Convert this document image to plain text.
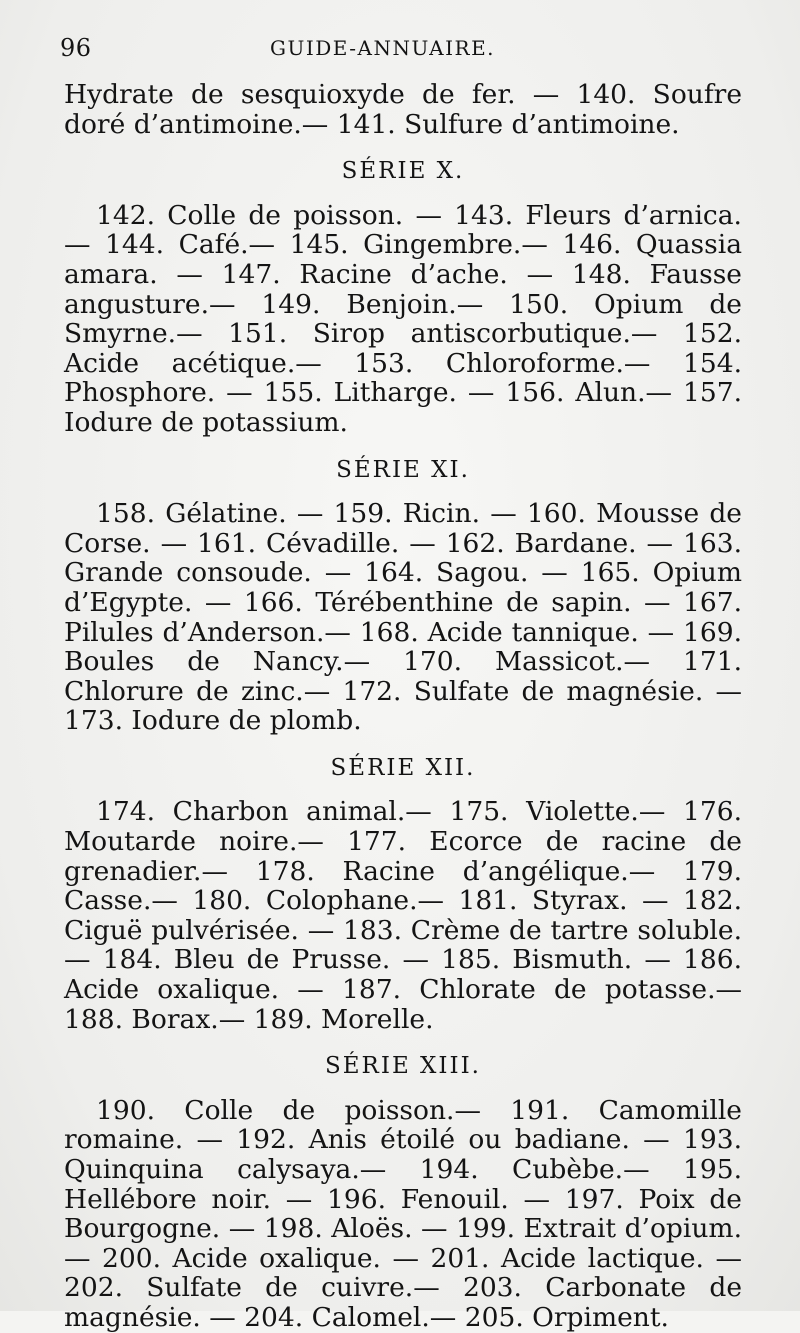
96	GUIDE-ANNUAIRE.

Hydrate de sesquioxyde de fer. — 140. Soufre doré d’antimoine.— 141. Sulfure d’antimoine.

SÉRIE X.

142. Colle de poisson. — 143. Fleurs d’arnica. — 144. Café.— 145. Gingembre.— 146. Quassia amara. — 147. Racine d’ache. — 148. Fausse angusture.— 149. Benjoin.— 150. Opium de Smyrne.— 151. Sirop antiscorbutique.— 152. Acide acétique.— 153. Chloroforme.— 154. Phosphore. — 155. Litharge. — 156. Alun.— 157. Iodure de potassium.

SÉRIE XI.

158. Gélatine. — 159. Ricin. — 160. Mousse de Corse. — 161. Cévadille. — 162. Bardane. — 163. Grande consoude. — 164. Sagou. — 165. Opium d’Egypte. — 166. Térébenthine de sapin. — 167. Pilules d’Anderson.— 168. Acide tannique. — 169. Boules de Nancy.— 170. Massicot.— 171. Chlorure de zinc.— 172. Sulfate de magnésie. — 173. Iodure de plomb.

SÉRIE XII.

174. Charbon animal.— 175. Violette.— 176. Moutarde noire.— 177. Ecorce de racine de grenadier.— 178. Racine d’angélique.— 179. Casse.— 180. Colophane.— 181. Styrax. — 182. Ciguë pulvérisée. — 183. Crème de tartre soluble.— 184. Bleu de Prusse. — 185. Bismuth. — 186. Acide oxalique. — 187. Chlorate de potasse.— 188. Borax.— 189. Morelle.

SÉRIE XIII.

190. Colle de poisson.— 191. Camomille romaine. — 192. Anis étoilé ou badiane. — 193. Quinquina calysaya.— 194. Cubèbe.— 195. Hellébore noir. — 196. Fenouil. — 197. Poix de Bourgogne. — 198. Aloës. — 199. Extrait d’opium. — 200. Acide oxalique. — 201. Acide lactique. — 202. Sulfate de cuivre.— 203. Carbonate de magnésie. — 204. Calomel.— 205. Orpiment.
